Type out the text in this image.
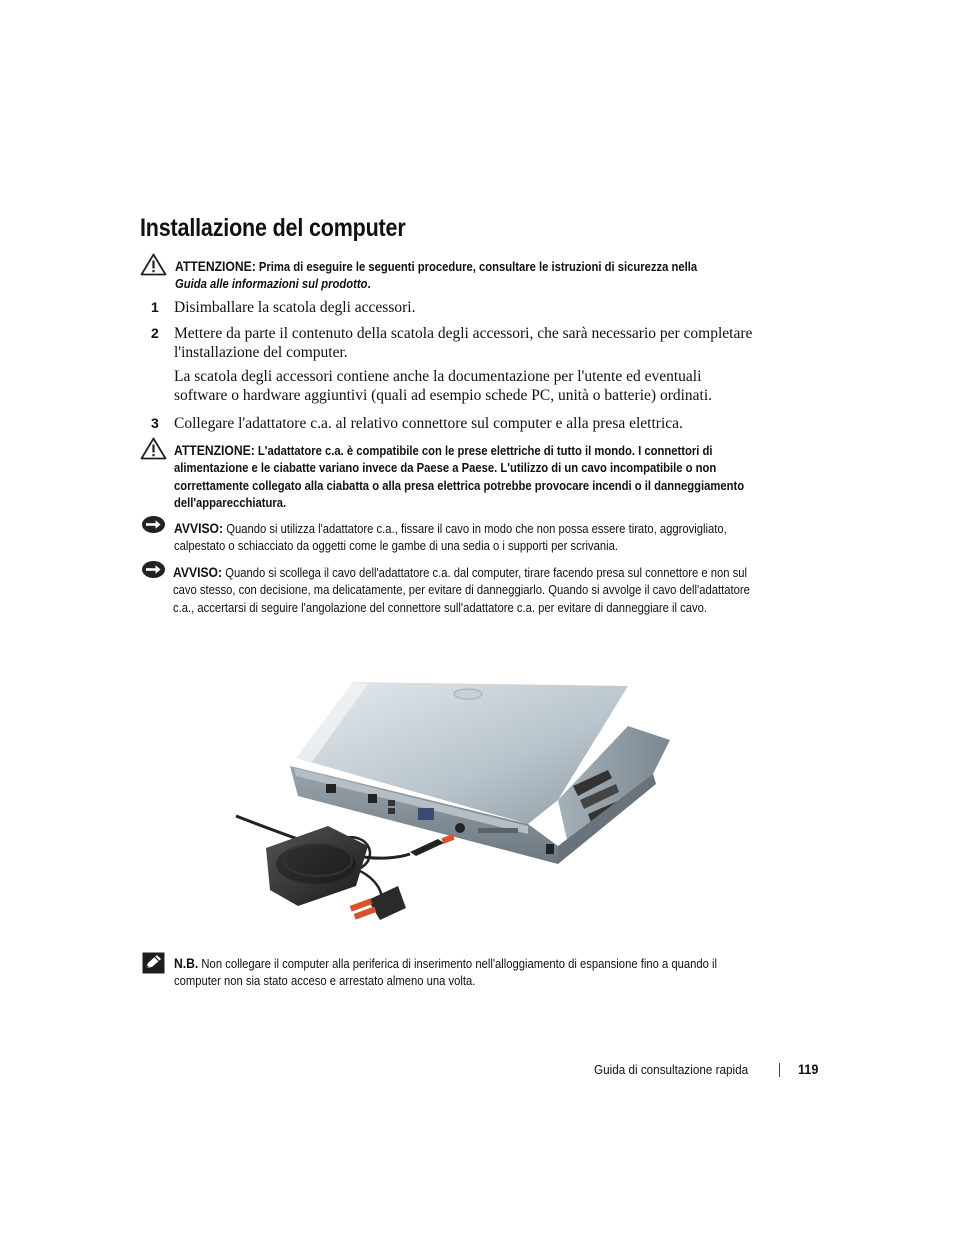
Installazione del computer
ATTENZIONE: Prima di eseguire le seguenti procedure, consultare le istruzioni di sicurezza nella
Guida alle informazioni sul prodotto.
1 Disimballare la scatola degli accessori.
2 Mettere da parte il contenuto della scatola degli accessori, che sarà necessario per completare l'installazione del computer.
La scatola degli accessori contiene anche la documentazione per l'utente ed eventuali software o hardware aggiuntivi (quali ad esempio schede PC, unità o batterie) ordinati.
3 Collegare l'adattatore c.a. al relativo connettore sul computer e alla presa elettrica.
ATTENZIONE: L'adattatore c.a. è compatibile con le prese elettriche di tutto il mondo. I connettori di alimentazione e le ciabatte variano invece da Paese a Paese. L'utilizzo di un cavo incompatibile o non correttamente collegato alla ciabatta o alla presa elettrica potrebbe provocare incendi o il danneggiamento dell'apparecchiatura.
AVVISO: Quando si utilizza l'adattatore c.a., fissare il cavo in modo che non possa essere tirato, aggrovigliato, calpestato o schiacciato da oggetti come le gambe di una sedia o i supporti per scrivania.
AVVISO: Quando si scollega il cavo dell'adattatore c.a. dal computer, tirare facendo presa sul connettore e non sul cavo stesso, con decisione, ma delicatamente, per evitare di danneggiarlo. Quando si avvolge il cavo dell'adattatore c.a., accertarsi di seguire l'angolazione del connettore sull'adattatore c.a. per evitare di danneggiare il cavo.
N.B. Non collegare il computer alla periferica di inserimento nell'alloggiamento di espansione fino a quando il computer non sia stato acceso e arrestato almeno una volta.
Guida di consultazione rapida	119
